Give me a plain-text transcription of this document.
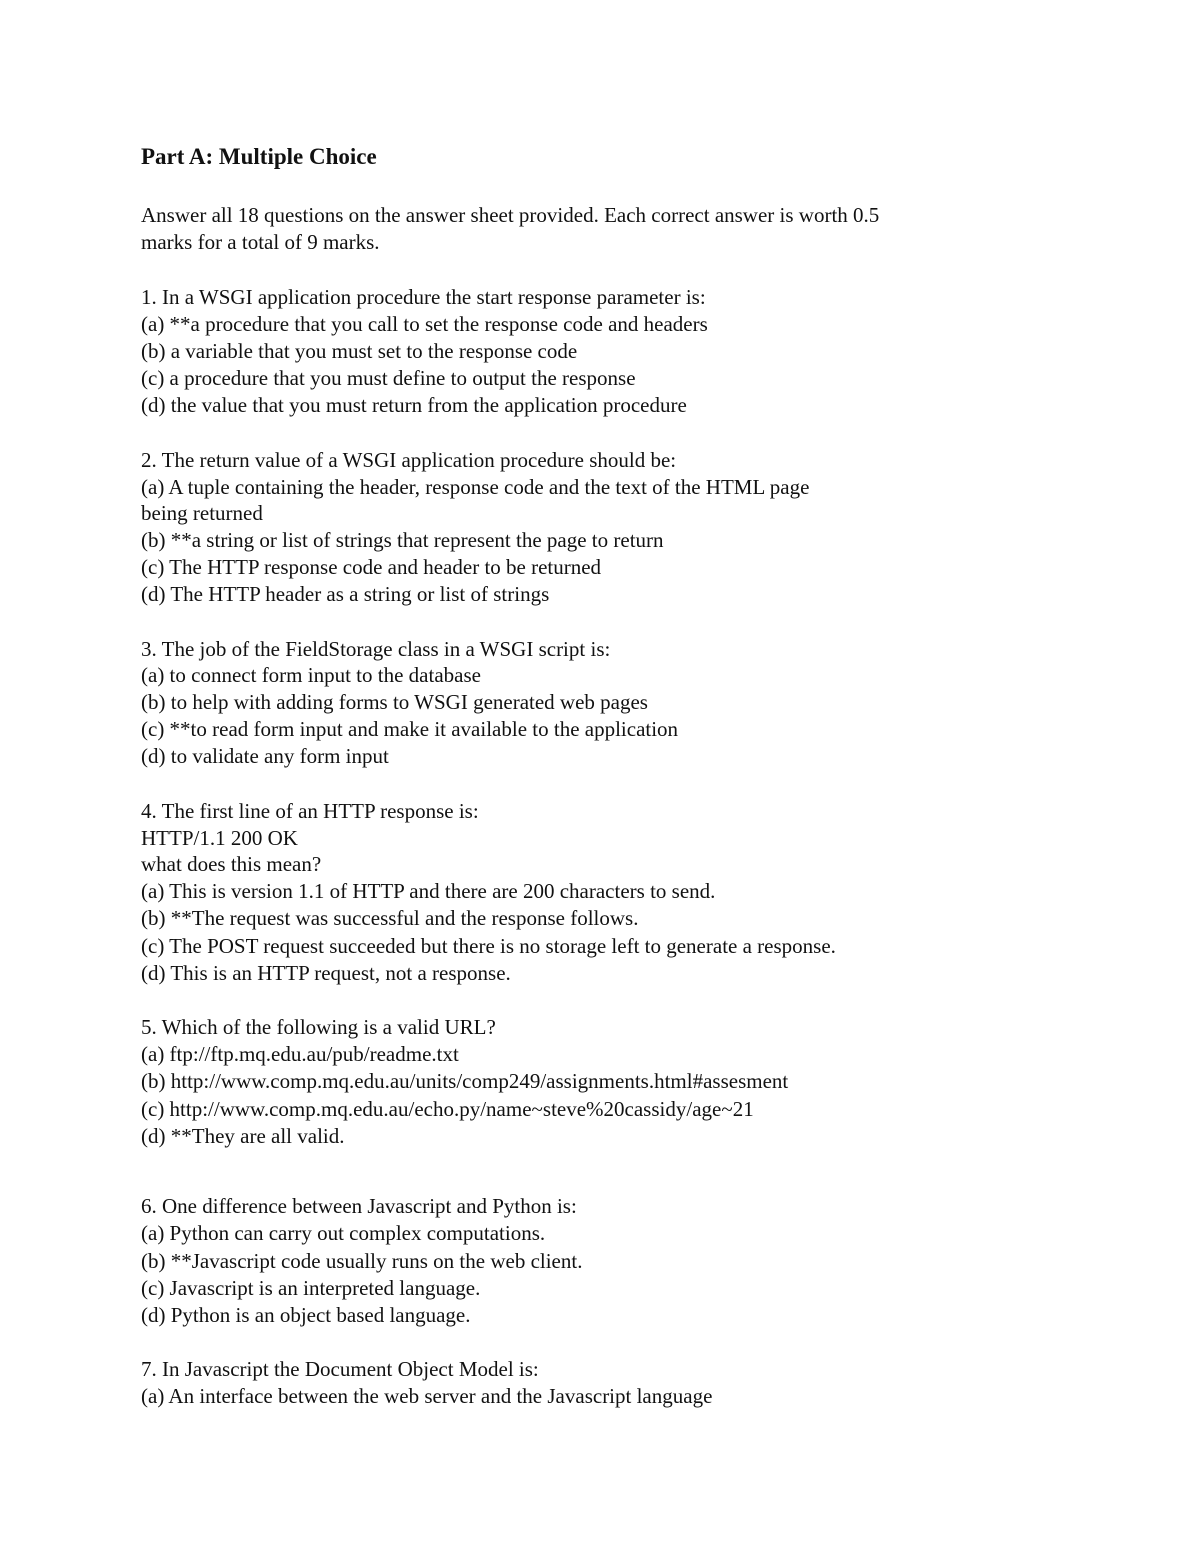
Part A: Multiple Choice
Answer all 18 questions on the answer sheet provided. Each correct answer is worth 0.5
marks for a total of 9 marks.
1. In a WSGI application procedure the start response parameter is:
(a) **a procedure that you call to set the response code and headers
(b) a variable that you must set to the response code
(c) a procedure that you must define to output the response
(d) the value that you must return from the application procedure
2. The return value of a WSGI application procedure should be:
(a) A tuple containing the header, response code and the text of the HTML page
being returned
(b) **a string or list of strings that represent the page to return
(c) The HTTP response code and header to be returned
(d) The HTTP header as a string or list of strings
3. The job of the FieldStorage class in a WSGI script is:
(a) to connect form input to the database
(b) to help with adding forms to WSGI generated web pages
(c) **to read form input and make it available to the application
(d) to validate any form input
4. The first line of an HTTP response is:
HTTP/1.1 200 OK
what does this mean?
(a) This is version 1.1 of HTTP and there are 200 characters to send.
(b) **The request was successful and the response follows.
(c) The POST request succeeded but there is no storage left to generate a response.
(d) This is an HTTP request, not a response.
5. Which of the following is a valid URL?
(a) ftp://ftp.mq.edu.au/pub/readme.txt
(b) http://www.comp.mq.edu.au/units/comp249/assignments.html#assesment
(c) http://www.comp.mq.edu.au/echo.py/name~steve%20cassidy/age~21
(d) **They are all valid.
6. One difference between Javascript and Python is:
(a) Python can carry out complex computations.
(b) **Javascript code usually runs on the web client.
(c) Javascript is an interpreted language.
(d) Python is an object based language.
7. In Javascript the Document Object Model is:
(a) An interface between the web server and the Javascript language
